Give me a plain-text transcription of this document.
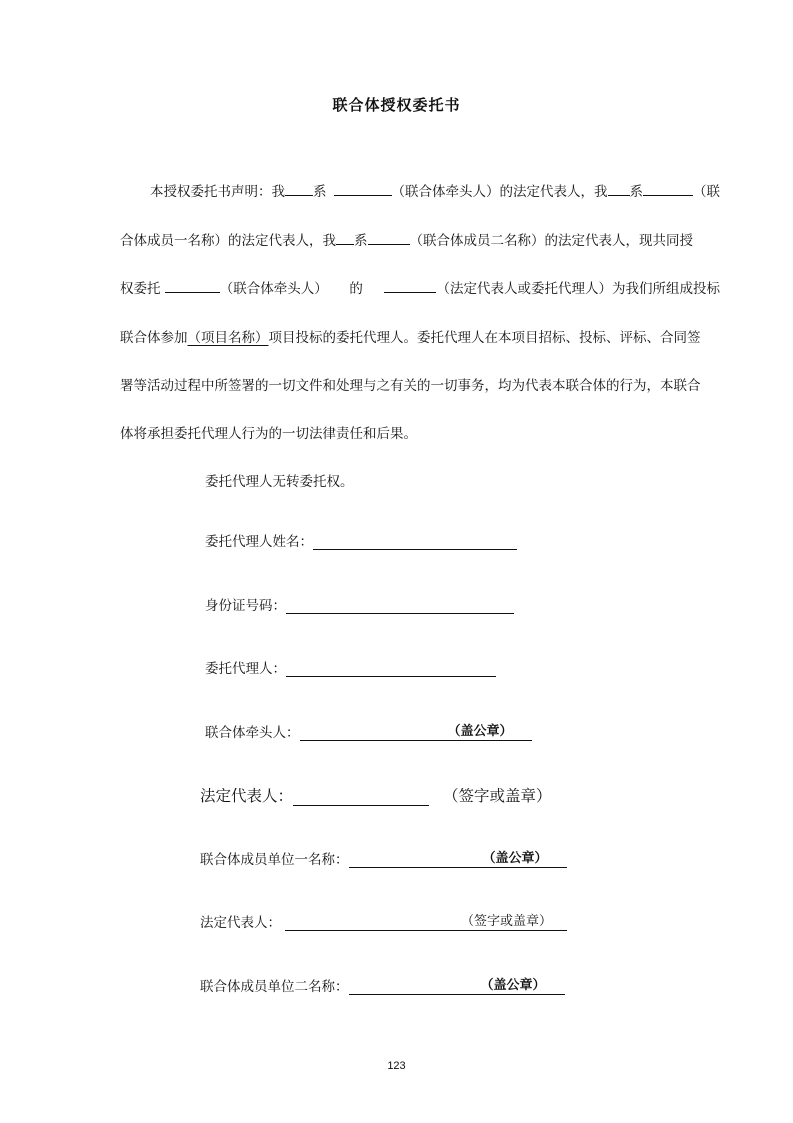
联合体授权委托书
本授权委托书声明：我 系	（联合体牵头人）的法定代表人，我 系	（联
合体成员一名称）的法定代表人，我 系	（联合体成员二名称）的法定代表人，现共同授
权委托	（联合体牵头人） 的	（法定代表人或委托代理人）为我们所组成投标
联合体参加（项目名称）项目投标的委托代理人。委托代理人在本项目招标、投标、评标、合同签
署等活动过程中所签署的一切文件和处理与之有关的一切事务，均为代表本联合体的行为，本联合
体将承担委托代理人行为的一切法律责任和后果。
委托代理人无转委托权。
委托代理人姓名：
身份证号码：
委托代理人：
联合体牵头人：	（盖公章）
法定代表人：	（签字或盖章）
联合体成员单位一名称：	（盖公章）
法定代表人：	（签字或盖章）
联合体成员单位二名称：	（盖公章）
123
